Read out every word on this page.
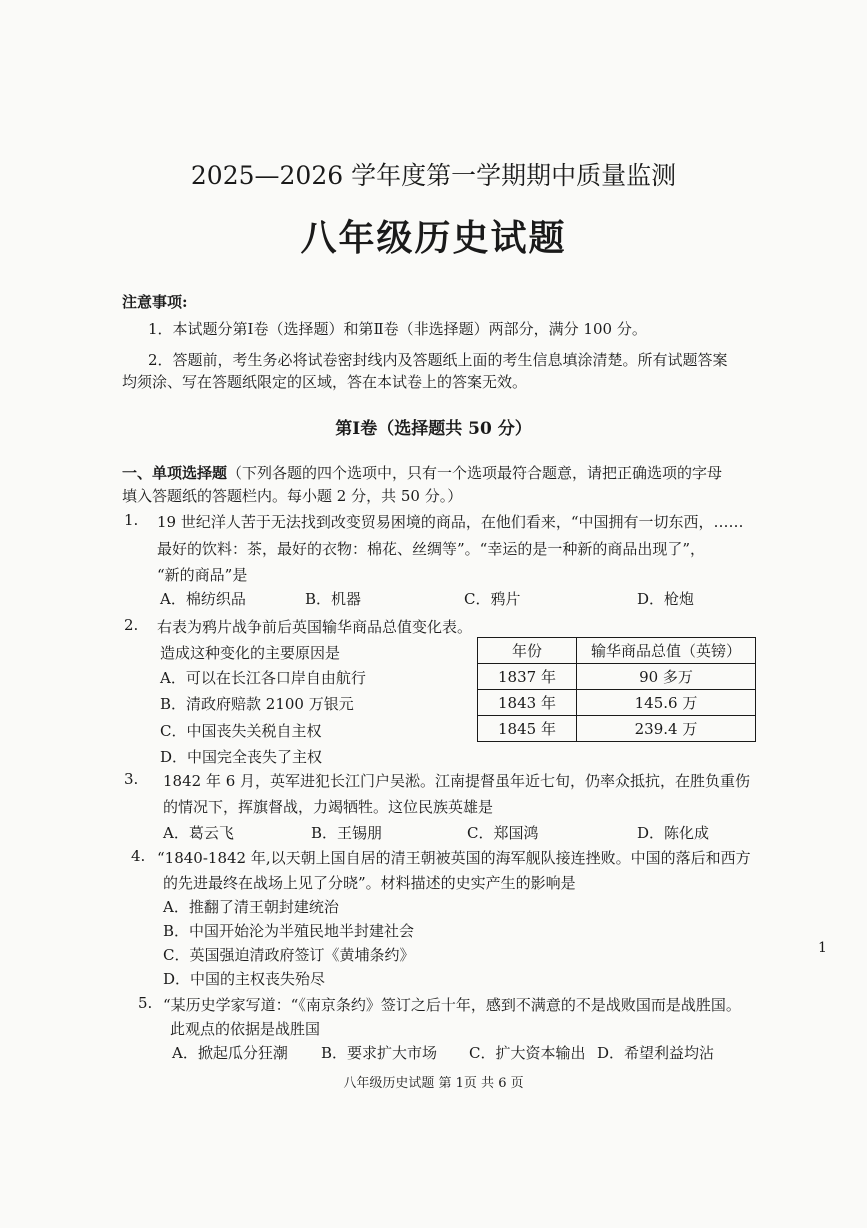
2025—2026 学年度第一学期期中质量监测
八年级历史试题
注意事项:
1．本试题分第Ⅰ卷（选择题）和第Ⅱ卷（非选择题）两部分，满分 100 分。
2．答题前，考生务必将试卷密封线内及答题纸上面的考生信息填涂清楚。所有试题答案
均须涂、写在答题纸限定的区域，答在本试卷上的答案无效。
第Ⅰ卷（选择题共 50 分）
一、单项选择题（下列各题的四个选项中，只有一个选项最符合题意，请把正确选项的字母
填入答题纸的答题栏内。每小题 2 分，共 50 分。）
1. 19 世纪洋人苦于无法找到改变贸易困境的商品，在他们看来，“中国拥有一切东西，……
最好的饮料：茶，最好的衣物：棉花、丝绸等”。“幸运的是一种新的商品出现了”，
“新的商品”是
A．棉纺织品	B．机器	C．鸦片	D．枪炮
2. 右表为鸦片战争前后英国输华商品总值变化表。
造成这种变化的主要原因是
A．可以在长江各口岸自由航行
B．清政府赔款 2100 万银元
C．中国丧失关税自主权
D．中国完全丧失了主权
年份	输华商品总值（英镑）
1837 年	90 多万
1843 年	145.6 万
1845 年	239.4 万
3. 1842 年 6 月，英军进犯长江门户吴淞。江南提督虽年近七旬，仍率众抵抗，在胜负重伤
的情况下，挥旗督战，力竭牺牲。这位民族英雄是
A．葛云飞	B．王锡朋	C．郑国鸿	D．陈化成
4. “1840-1842 年,以天朝上国自居的清王朝被英国的海军舰队接连挫败。中国的落后和西方
的先进最终在战场上见了分晓”。材料描述的史实产生的影响是
A．推翻了清王朝封建统治
B．中国开始沦为半殖民地半封建社会
C．英国强迫清政府签订《黄埔条约》
D．中国的主权丧失殆尽
5. “某历史学家写道：“《南京条约》签订之后十年，感到不满意的不是战败国而是战胜国。
此观点的依据是战胜国
A．掀起瓜分狂潮 B．要求扩大市场 C．扩大资本输出 D．希望利益均沾
八年级历史试题 第 1页 共 6 页
1
